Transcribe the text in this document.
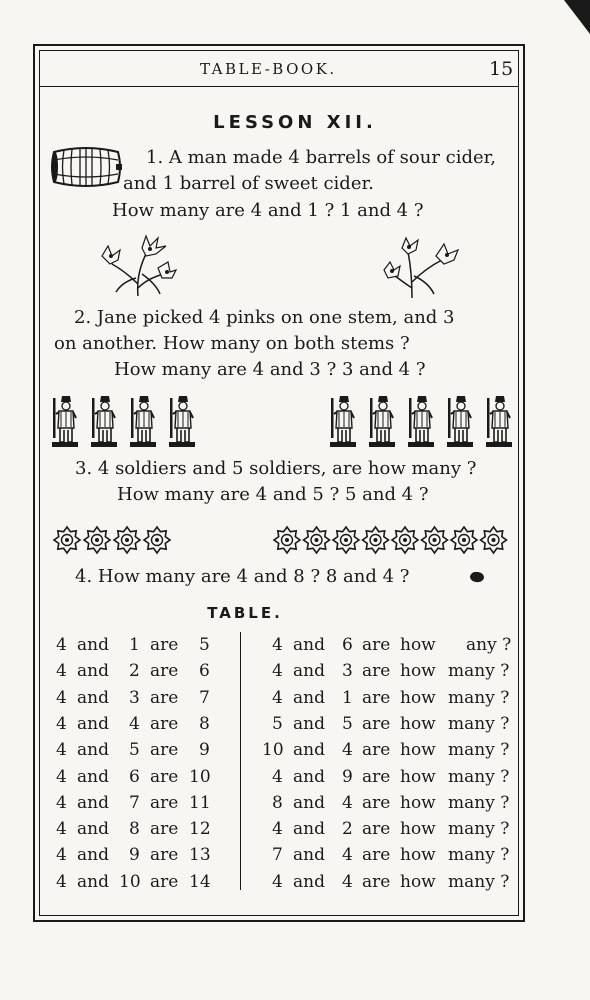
TABLE-BOOK.	15
LESSON XII.
1. A man made 4 barrels of sour cider,
and 1 barrel of sweet cider.
How many are 4 and 1 ? 1 and 4 ?
2. Jane picked 4 pinks on one stem, and 3
on another. How many on both stems ?
How many are 4 and 3 ? 3 and 4 ?
3. 4 soldiers and 5 soldiers, are how many ?
How many are 4 and 5 ? 5 and 4 ?
4. How many are 4 and 8 ? 8 and 4 ?
TABLE.
4 and 1 are 5
4 and 2 are 6
4 and 3 are 7
4 and 4 are 8
4 and 5 are 9
4 and 6 are 10
4 and 7 are 11
4 and 8 are 12
4 and 9 are 13
4 and 10 are 14
4 and 6 are how any ?
4 and 3 are how many ?
4 and 1 are how many ?
5 and 5 are how many ?
10 and 4 are how many ?
4 and 9 are how many ?
8 and 4 are how many ?
4 and 2 are how many ?
7 and 4 are how many ?
4 and 4 are how many ?
